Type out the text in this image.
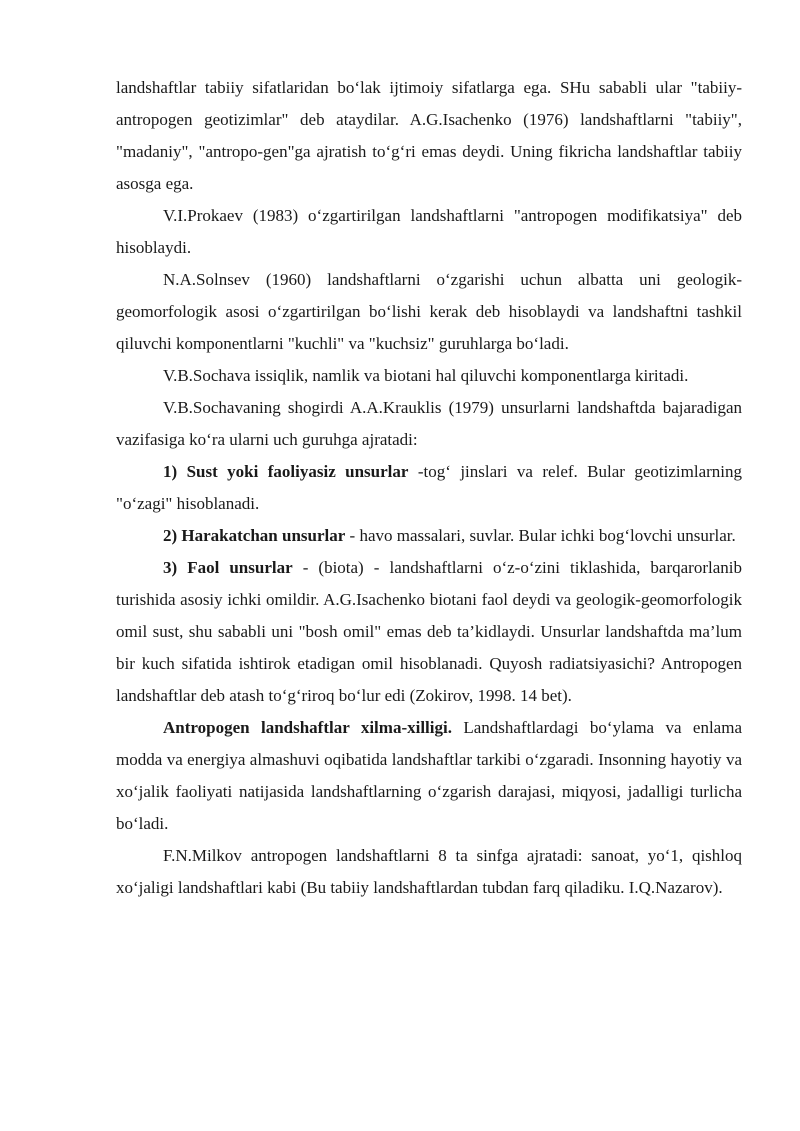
landshaftlar tabiiy sifatlaridan bo‘lak ijtimoiy sifatlarga ega. SHu sababli ular "tabiiy-antropogen geotizimlar" deb ataydilar. A.G.Isachenko (1976) landshaftlarni "tabiiy", "madaniy", "antropo-gen"ga ajratish to‘g‘ri emas deydi. Uning fikricha landshaftlar tabiiy asosga ega.

V.I.Prokaev (1983) o‘zgartirilgan landshaftlarni "antropogen modifikatsiya" deb hisoblaydi.

N.A.Solnsev (1960) landshaftlarni o‘zgarishi uchun albatta uni geologik-geomorfologik asosi o‘zgartirilgan bo‘lishi kerak deb hisoblaydi va landshaftni tashkil qiluvchi komponentlarni "kuchli" va "kuchsiz" guruhlarga bo‘ladi.

V.B.Sochava issiqlik, namlik va biotani hal qiluvchi komponentlarga kiritadi.

V.B.Sochavaning shogirdi A.A.Krauklis (1979) unsurlarni landshaftda bajaradigan vazifasiga ko‘ra ularni uch guruhga ajratadi:

1) Sust yoki faoliyasiz unsurlar -tog‘ jinslari va relef. Bular geotizimlarning "o‘zagi" hisoblanadi.

2) Harakatchan unsurlar - havo massalari, suvlar. Bular ichki bog‘lovchi unsurlar.

3) Faol unsurlar - (biota) - landshaftlarni o‘z-o‘zini tiklashida, barqarorlanib turishida asosiy ichki omildir. A.G.Isachenko biotani faol deydi va geologik-geomorfologik omil sust, shu sababli uni "bosh omil" emas deb ta’kidlaydi. Unsurlar landshaftda ma’lum bir kuch sifatida ishtirok etadigan omil hisoblanadi. Quyosh radiatsiyasichi? Antropogen landshaftlar deb atash to‘g‘riroq bo‘lur edi (Zokirov, 1998. 14 bet).

Antropogen landshaftlar xilma-xilligi. Landshaftlardagi bo‘ylama va enlama modda va energiya almashuvi oqibatida landshaftlar tarkibi o‘zgaradi. Insonning hayotiy va xo‘jalik faoliyati natijasida landshaftlarning o‘zgarish darajasi, miqyosi, jadalligi turlicha bo‘ladi.

F.N.Milkov antropogen landshaftlarni 8 ta sinfga ajratadi: sanoat, yo‘1, qishloq xo‘jaligi landshaftlari kabi (Bu tabiiy landshaftlardan tubdan farq qiladiku. I.Q.Nazarov).
